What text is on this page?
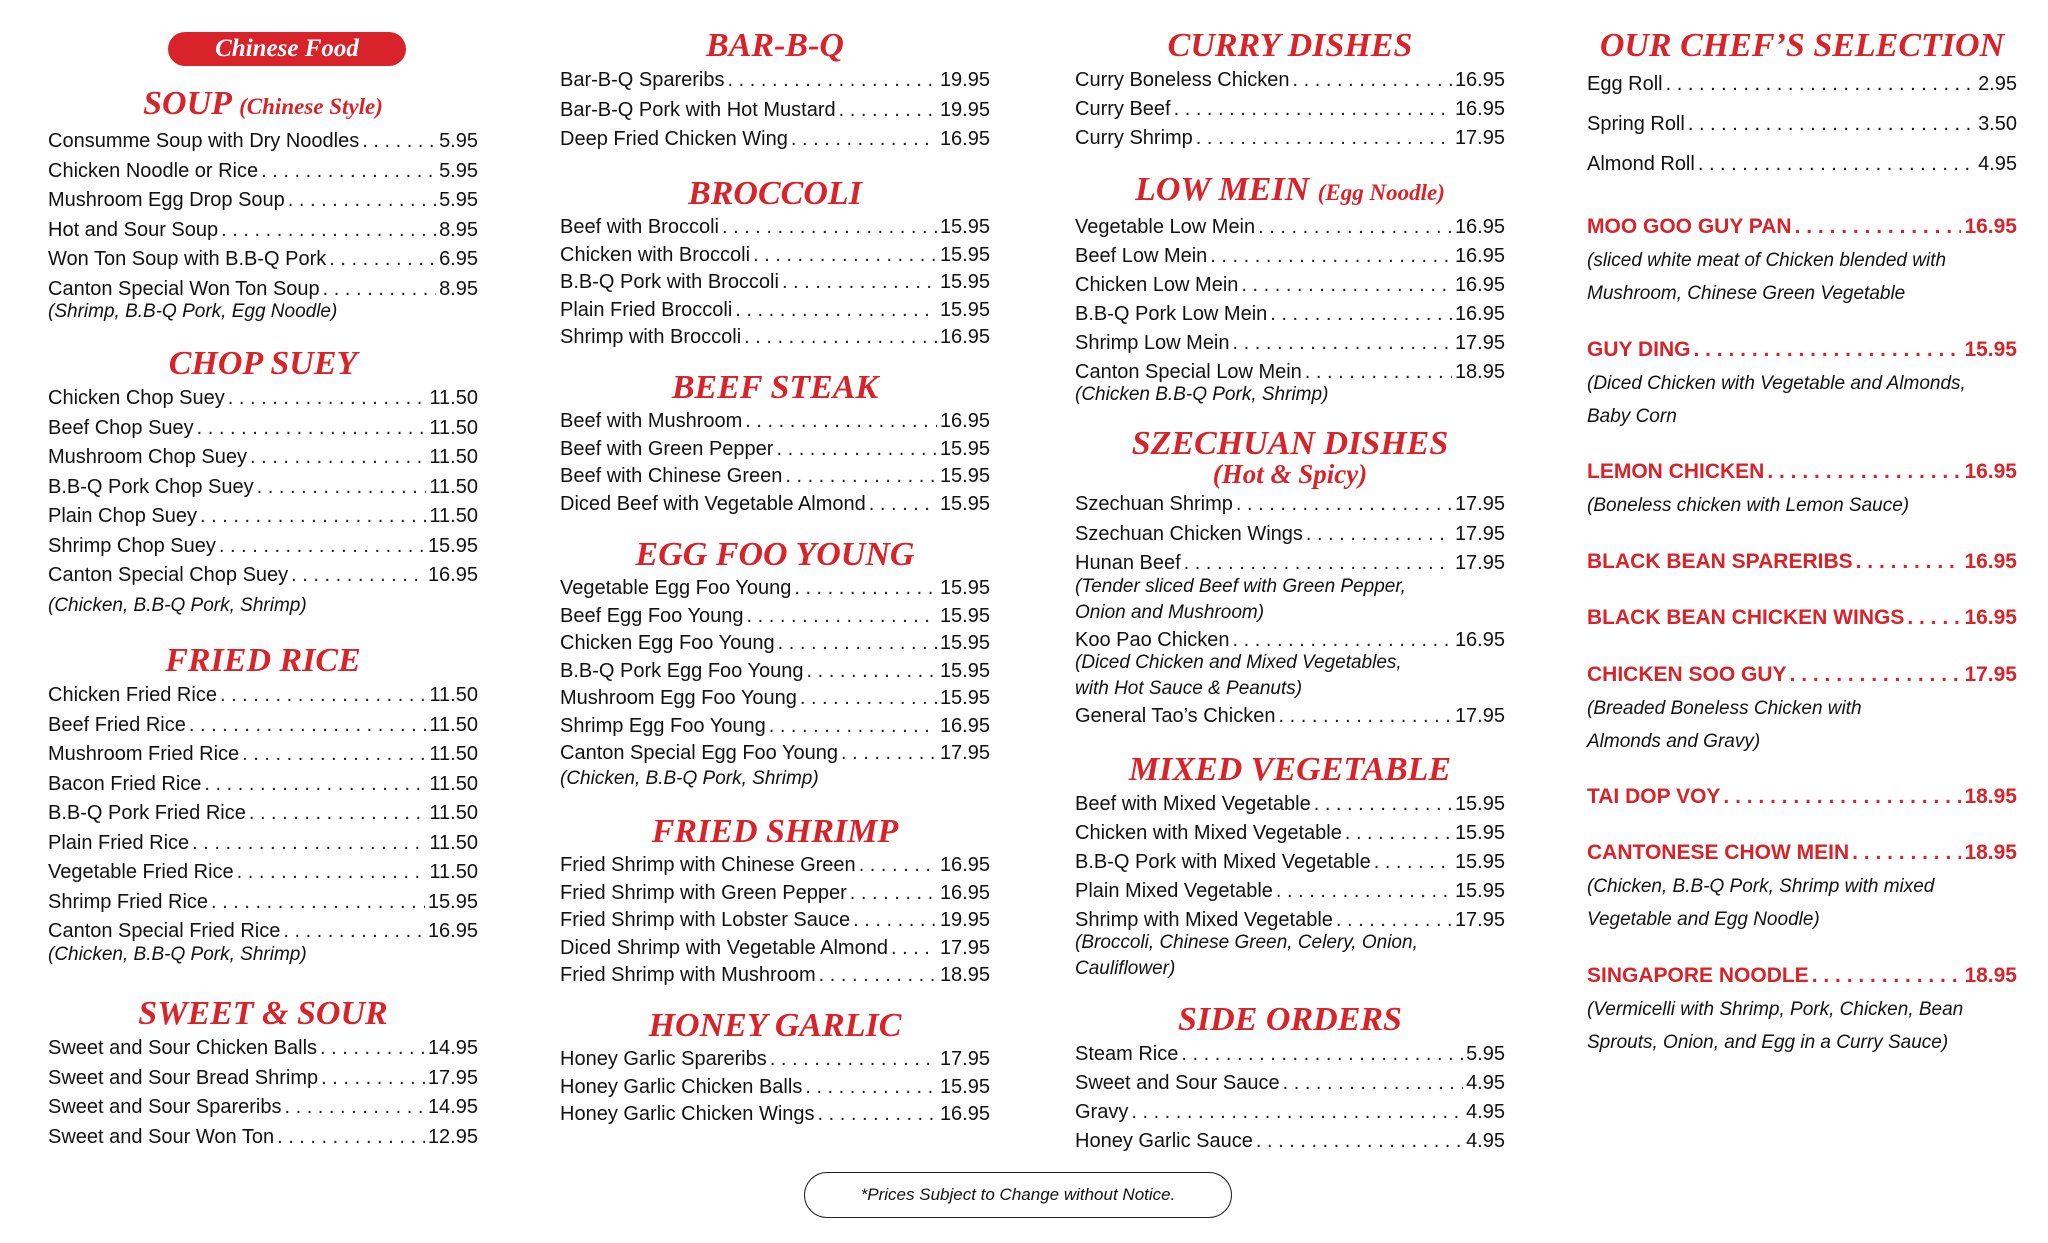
Chinese Food
SOUP (Chinese Style)
Consumme Soup with Dry Noodles . . .	5.95
Chicken Noodle or Rice . . .	5.95
Mushroom Egg Drop Soup . . .	5.95
Hot and Sour Soup . . .	8.95
Won Ton Soup with B.B-Q Pork . . .	6.95
Canton Special Won Ton Soup . . .	8.95
(Shrimp, B.B-Q Pork, Egg Noodle)
CHOP SUEY
Chicken Chop Suey . . .	11.50
Beef Chop Suey . . .	11.50
Mushroom Chop Suey . . .	11.50
B.B-Q Pork Chop Suey . . .	11.50
Plain Chop Suey . . .	11.50
Shrimp Chop Suey . . .	15.95
Canton Special Chop Suey . . .	16.95
(Chicken, B.B-Q Pork, Shrimp)
FRIED RICE
Chicken Fried Rice . . .	11.50
Beef Fried Rice . . .	11.50
Mushroom Fried Rice . . .	11.50
Bacon Fried Rice . . .	11.50
B.B-Q Pork Fried Rice . . .	11.50
Plain Fried Rice . . .	11.50
Vegetable Fried Rice . . .	11.50
Shrimp Fried Rice . . .	15.95
Canton Special Fried Rice . . .	16.95
(Chicken, B.B-Q Pork, Shrimp)
SWEET & SOUR
Sweet and Sour Chicken Balls . . .	14.95
Sweet and Sour Bread Shrimp . . .	17.95
Sweet and Sour Spareribs . . .	14.95
Sweet and Sour Won Ton . . .	12.95
BAR-B-Q
Bar-B-Q Spareribs . . .	19.95
Bar-B-Q Pork with Hot Mustard . . .	19.95
Deep Fried Chicken Wing . . .	16.95
BROCCOLI
Beef with Broccoli . . .	15.95
Chicken with Broccoli . . .	15.95
B.B-Q Pork with Broccoli . . .	15.95
Plain Fried Broccoli . . .	15.95
Shrimp with Broccoli . . .	16.95
BEEF STEAK
Beef with Mushroom . . .	16.95
Beef with Green Pepper . . .	15.95
Beef with Chinese Green . . .	15.95
Diced Beef with Vegetable Almond . . .	15.95
EGG FOO YOUNG
Vegetable Egg Foo Young . . .	15.95
Beef Egg Foo Young . . .	15.95
Chicken Egg Foo Young . . .	15.95
B.B-Q Pork Egg Foo Young . . .	15.95
Mushroom Egg Foo Young . . .	15.95
Shrimp Egg Foo Young . . .	16.95
Canton Special Egg Foo Young . . .	17.95
(Chicken, B.B-Q Pork, Shrimp)
FRIED SHRIMP
Fried Shrimp with Chinese Green . . .	16.95
Fried Shrimp with Green Pepper . . .	16.95
Fried Shrimp with Lobster Sauce . . .	19.95
Diced Shrimp with Vegetable Almond . . .	17.95
Fried Shrimp with Mushroom . . .	18.95
HONEY GARLIC
Honey Garlic Spareribs . . .	17.95
Honey Garlic Chicken Balls . . .	15.95
Honey Garlic Chicken Wings . . .	16.95
CURRY DISHES
Curry Boneless Chicken . . .	16.95
Curry Beef . . .	16.95
Curry Shrimp . . .	17.95
LOW MEIN (Egg Noodle)
Vegetable Low Mein . . .	16.95
Beef Low Mein . . .	16.95
Chicken Low Mein . . .	16.95
B.B-Q Pork Low Mein . . .	16.95
Shrimp Low Mein . . .	17.95
Canton Special Low Mein . . .	18.95
(Chicken B.B-Q Pork, Shrimp)
SZECHUAN DISHES
(Hot & Spicy)
Szechuan Shrimp . . .	17.95
Szechuan Chicken Wings . . .	17.95
Hunan Beef . . .	17.95
(Tender sliced Beef with Green Pepper,
Onion and Mushroom)
Koo Pao Chicken . . .	16.95
(Diced Chicken and Mixed Vegetables,
with Hot Sauce & Peanuts)
General Tao’s Chicken . . .	17.95
MIXED VEGETABLE
Beef with Mixed Vegetable . . .	15.95
Chicken with Mixed Vegetable . . .	15.95
B.B-Q Pork with Mixed Vegetable . . .	15.95
Plain Mixed Vegetable . . .	15.95
Shrimp with Mixed Vegetable . . .	17.95
(Broccoli, Chinese Green, Celery, Onion,
Cauliflower)
SIDE ORDERS
Steam Rice . . .	5.95
Sweet and Sour Sauce . . .	4.95
Gravy . . .	4.95
Honey Garlic Sauce . . .	4.95
OUR CHEF’S SELECTION
Egg Roll . . .	2.95
Spring Roll . . .	3.50
Almond Roll . . .	4.95
MOO GOO GUY PAN . . .	16.95
(sliced white meat of Chicken blended with
Mushroom, Chinese Green Vegetable
GUY DING . . .	15.95
(Diced Chicken with Vegetable and Almonds,
Baby Corn
LEMON CHICKEN . . .	16.95
(Boneless chicken with Lemon Sauce)
BLACK BEAN SPARERIBS . . .	16.95
BLACK BEAN CHICKEN WINGS . . .	16.95
CHICKEN SOO GUY . . .	17.95
(Breaded Boneless Chicken with
Almonds and Gravy)
TAI DOP VOY . . .	18.95
CANTONESE CHOW MEIN . . .	18.95
(Chicken, B.B-Q Pork, Shrimp with mixed
Vegetable and Egg Noodle)
SINGAPORE NOODLE . . .	18.95
(Vermicelli with Shrimp, Pork, Chicken, Bean
Sprouts, Onion, and Egg in a Curry Sauce)
*Prices Subject to Change without Notice.
